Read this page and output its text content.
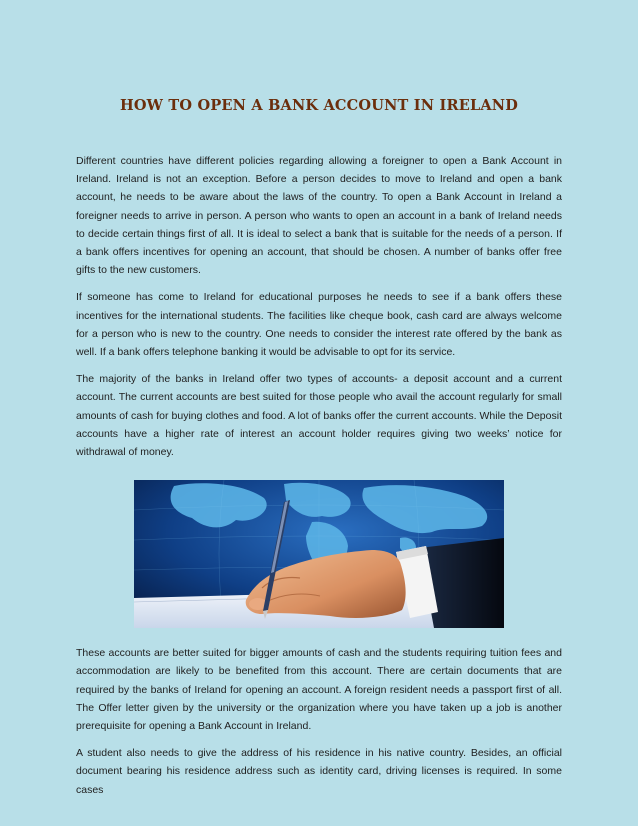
HOW TO OPEN A BANK ACCOUNT IN IRELAND

Different countries have different policies regarding allowing a foreigner to open a Bank Account in Ireland. Ireland is not an exception. Before a person decides to move to Ireland and open a bank account, he needs to be aware about the laws of the country. To open a Bank Account in Ireland a foreigner needs to arrive in person. A person who wants to open an account in a bank of Ireland needs to decide certain things first of all. It is ideal to select a bank that is suitable for the needs of a person. If a bank offers incentives for opening an account, that should be chosen. A number of banks offer free gifts to the new customers.

If someone has come to Ireland for educational purposes he needs to see if a bank offers these incentives for the international students. The facilities like cheque book, cash card are always welcome for a person who is new to the country. One needs to consider the interest rate offered by the bank as well. If a bank offers telephone banking it would be advisable to opt for its service.

The majority of the banks in Ireland offer two types of accounts- a deposit account and a current account. The current accounts are best suited for those people who avail the account regularly for small amounts of cash for buying clothes and food. A lot of banks offer the current accounts. While the Deposit accounts have a higher rate of interest an account holder requires giving two weeks’ notice for withdrawal of money.

These accounts are better suited for bigger amounts of cash and the students requiring tuition fees and accommodation are likely to be benefited from this account. There are certain documents that are required by the banks of Ireland for opening an account. A foreign resident needs a passport first of all. The Offer letter given by the university or the organization where you have taken up a job is another prerequisite for opening a Bank Account in Ireland.

A student also needs to give the address of his residence in his native country. Besides, an official document bearing his residence address such as identity card, driving licenses is required. In some cases
